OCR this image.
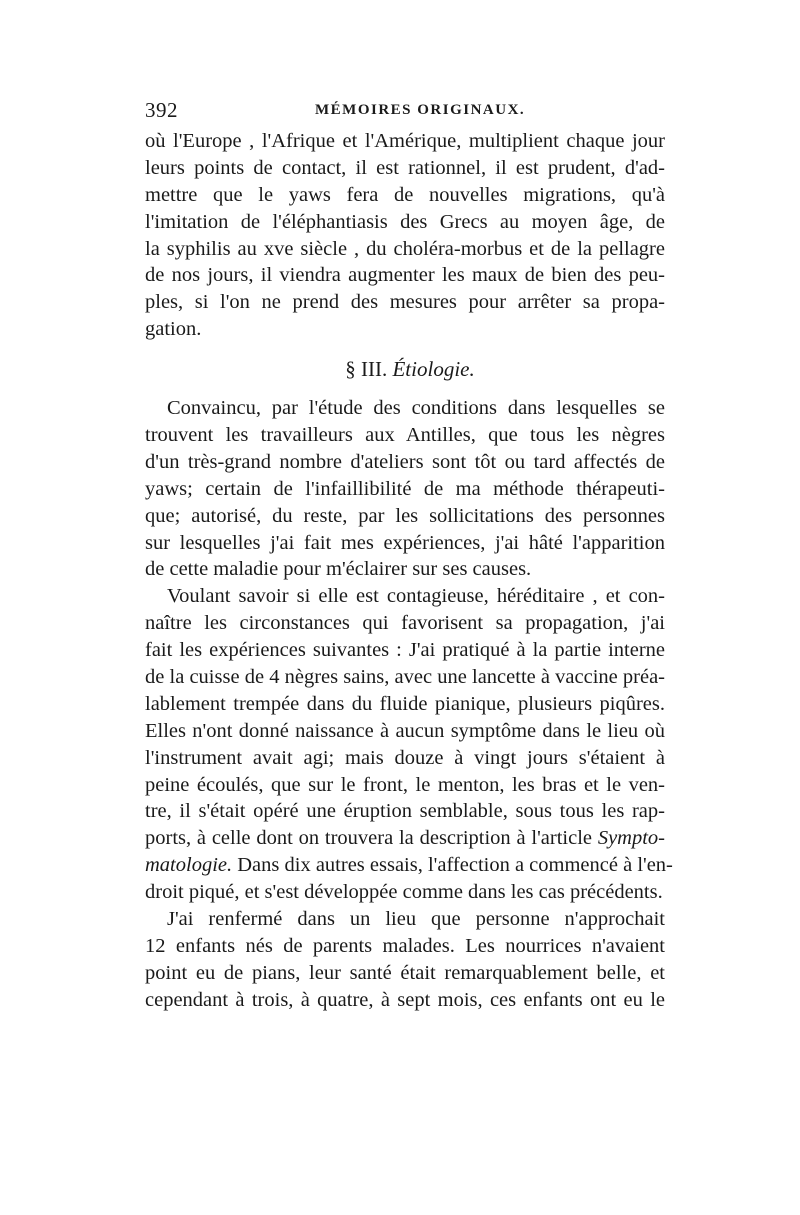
392	MÉMOIRES ORIGINAUX.
où l'Europe , l'Afrique et l'Amérique, multiplient chaque jour
leurs points de contact, il est rationnel, il est prudent, d'ad-
mettre que le yaws fera de nouvelles migrations, qu'à
l'imitation de l'éléphantiasis des Grecs au moyen âge, de
la syphilis au xve siècle , du choléra-morbus et de la pellagre
de nos jours, il viendra augmenter les maux de bien des peu-
ples, si l'on ne prend des mesures pour arrêter sa propa-
gation.
§ III. Étiologie.
Convaincu, par l'étude des conditions dans lesquelles se
trouvent les travailleurs aux Antilles, que tous les nègres
d'un très-grand nombre d'ateliers sont tôt ou tard affectés de
yaws; certain de l'infaillibilité de ma méthode thérapeuti-
que; autorisé, du reste, par les sollicitations des personnes
sur lesquelles j'ai fait mes expériences, j'ai hâté l'apparition
de cette maladie pour m'éclairer sur ses causes.
Voulant savoir si elle est contagieuse, héréditaire , et con-
naître les circonstances qui favorisent sa propagation, j'ai
fait les expériences suivantes : J'ai pratiqué à la partie interne
de la cuisse de 4 nègres sains, avec une lancette à vaccine préa-
lablement trempée dans du fluide pianique, plusieurs piqûres.
Elles n'ont donné naissance à aucun symptôme dans le lieu où
l'instrument avait agi; mais douze à vingt jours s'étaient à
peine écoulés, que sur le front, le menton, les bras et le ven-
tre, il s'était opéré une éruption semblable, sous tous les rap-
ports, à celle dont on trouvera la description à l'article Sympto-
matologie. Dans dix autres essais, l'affection a commencé à l'en-
droit piqué, et s'est développée comme dans les cas précédents.
J'ai renfermé dans un lieu que personne n'approchait
12 enfants nés de parents malades. Les nourrices n'avaient
point eu de pians, leur santé était remarquablement belle, et
cependant à trois, à quatre, à sept mois, ces enfants ont eu le
